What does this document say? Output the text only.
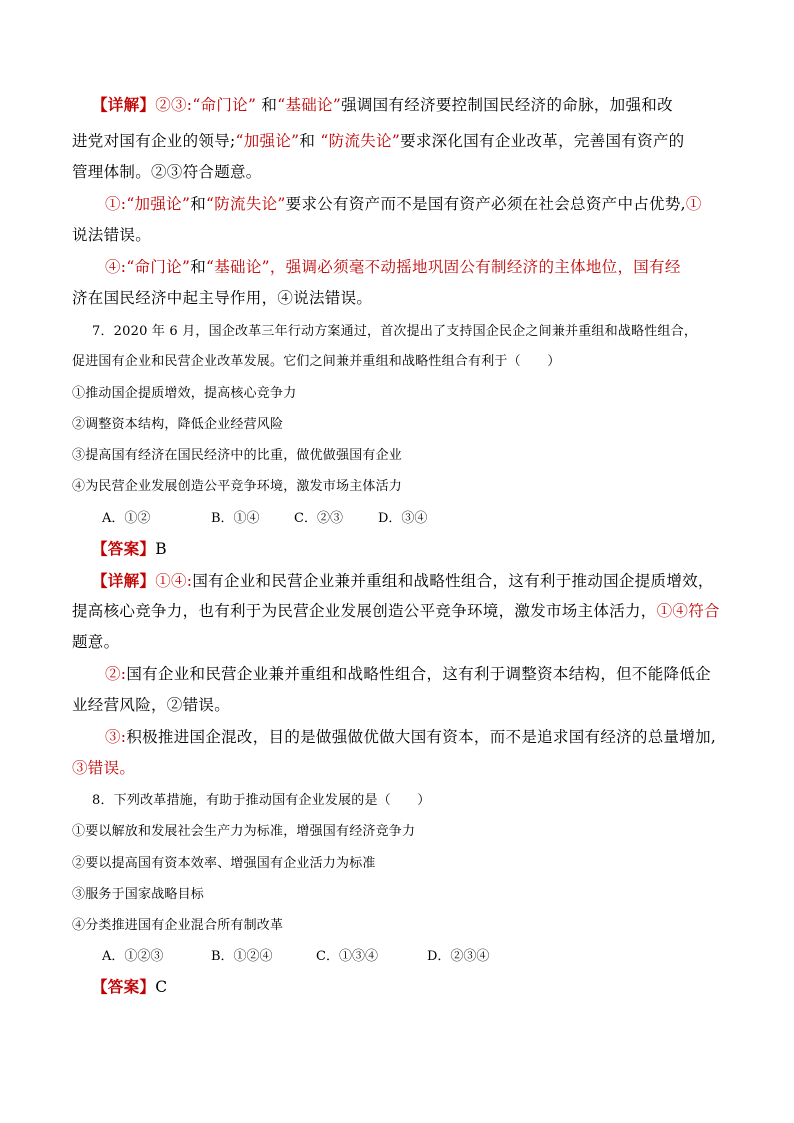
【详解】②③:“命门论” 和“基础论”强调国有经济要控制国民经济的命脉，加强和改
进党对国有企业的领导;“加强论”和 “防流失论”要求深化国有企业改革，完善国有资产的
管理体制。②③符合题意。
①:“加强论”和“防流失论”要求公有资产而不是国有资产必须在社会总资产中占优势,①
说法错误。
④:“命门论”和“基础论”，强调必须毫不动摇地巩固公有制经济的主体地位，国有经
济在国民经济中起主导作用，④说法错误。
7．2020 年 6 月，国企改革三年行动方案通过，首次提出了支持国企民企之间兼并重组和战略性组合，
促进国有企业和民营企业改革发展。它们之间兼并重组和战略性组合有利于（　　）
①推动国企提质增效，提高核心竞争力
②调整资本结构，降低企业经营风险
③提高国有经济在国民经济中的比重，做优做强国有企业
④为民营企业发展创造公平竞争环境，激发市场主体活力
A．①②	B．①④	C．②③	D．③④
【答案】B
【详解】①④:国有企业和民营企业兼并重组和战略性组合，这有利于推动国企提质增效，
提高核心竞争力，也有利于为民营企业发展创造公平竞争环境，激发市场主体活力，①④符合
题意。
②:国有企业和民营企业兼并重组和战略性组合，这有利于调整资本结构，但不能降低企
业经营风险，②错误。
③:积极推进国企混改，目的是做强做优做大国有资本，而不是追求国有经济的总量增加,
③错误。
8．下列改革措施，有助于推动国有企业发展的是（　　）
①要以解放和发展社会生产力为标准，增强国有经济竞争力
②要以提高国有资本效率、增强国有企业活力为标准
③服务于国家战略目标
④分类推进国有企业混合所有制改革
A．①②③	B．①②④	C．①③④	D．②③④
【答案】C
